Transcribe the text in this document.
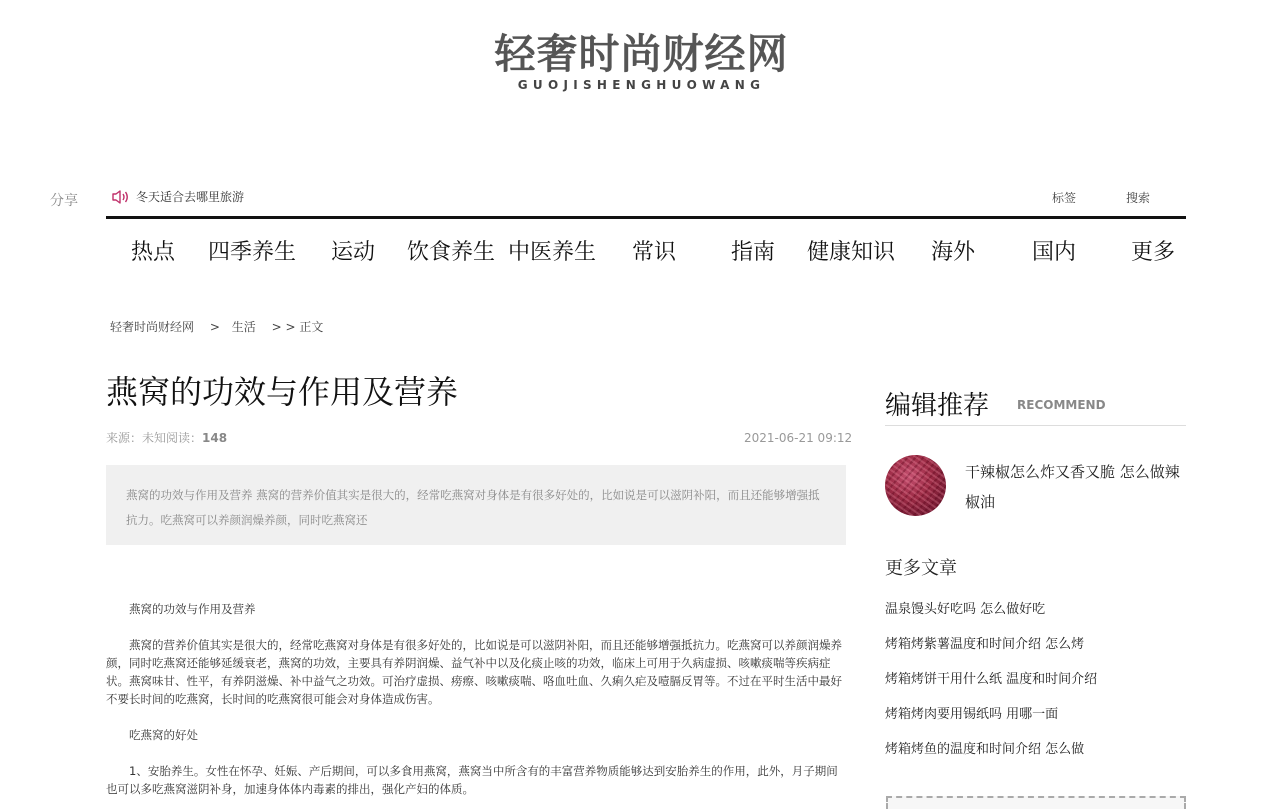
轻奢时尚财经网
GUOJISHENGHUOWANG
分享	冬天适合去哪里旅游	标签	搜索
热点 四季养生 运动 饮食养生 中医养生 常识 指南 健康知识 海外	国内 更多
轻奢时尚财经网 > 生活 > > 正文
燕窝的功效与作用及营养
来源：未知阅读：148	2021-06-21 09:12
燕窝的功效与作用及营养 燕窝的营养价值其实是很大的，经常吃燕窝对身体是有很多好处的，比如说是可以滋阴补阳，而且还能够增强抵抗力。吃燕窝可以养颜润燥养颜，同时吃燕窝还
燕窝的功效与作用及营养
燕窝的营养价值其实是很大的，经常吃燕窝对身体是有很多好处的，比如说是可以滋阴补阳，而且还能够增强抵抗力。吃燕窝可以养颜润燥养颜，同时吃燕窝还能够延缓衰老，燕窝的功效，主要具有养阴润燥、益气补中以及化痰止咳的功效，临床上可用于久病虚损、咳嗽痰喘等疾病症状。燕窝味甘、性平，有养阴滋燥、补中益气之功效。可治疗虚损、痨瘵、咳嗽痰喘、咯血吐血、久痢久疟及噎膈反胃等。不过在平时生活中最好不要长时间的吃燕窝，长时间的吃燕窝很可能会对身体造成伤害。
吃燕窝的好处
1、安胎养生。女性在怀孕、妊娠、产后期间，可以多食用燕窝，燕窝当中所含有的丰富营养物质能够达到安胎养生的作用，此外，月子期间也可以多吃燕窝滋阴补身，加速身体体内毒素的排出，强化产妇的体质。
编辑推荐 RECOMMEND
干辣椒怎么炸又香又脆 怎么做辣椒油
更多文章
温泉馒头好吃吗 怎么做好吃
烤箱烤紫薯温度和时间介绍 怎么烤
烤箱烤饼干用什么纸 温度和时间介绍
烤箱烤肉要用锡纸吗 用哪一面
烤箱烤鱼的温度和时间介绍 怎么做
